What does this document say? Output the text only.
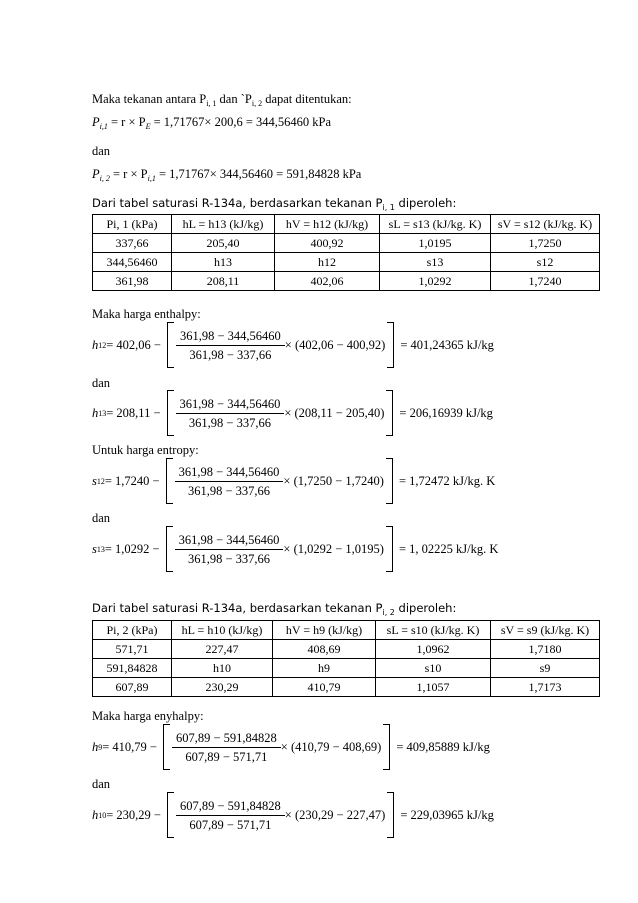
Maka tekanan antara $P_{i, 1}$ dan $`P_{i, 2}$ dapat ditentukan:
$P_{i,1} = r \times P_E = 1,71767\times 200,6 = 344,56460$ kPa
dan
$P_{i, 2} = r \times P_{i,1} = 1,71767\times 344,56460 = 591,84828$ kPa
Dari tabel saturasi R-134a, berdasarkan tekanan $P_{i, 1}$ diperoleh:
Pi, 1 (kPa)	hL = h13 (kJ/kg)	hV = h12 (kJ/kg)	sL = s13 (kJ/kg. K)	sV = s12 (kJ/kg. K)
337,66	205,40	400,92	1,0195	1,7250
344,56460	h13	h12	s13	s12
361,98	208,11	402,06	1,0292	1,7240
Maka harga enthalpy:
h $12 = 402,06 - \frac{361,98 - 344,56460}{361,98 - 337,66} \times (402,06 - 400,92) = 401,24365$ kJ/kg
dan
h $13 = 208,11 - \frac{361,98 - 344,56460}{361,98 - 337,66} \times (208,11 - 205,40) = 206,16939$ kJ/kg
Untuk harga entropy:
s $12 = 1,7240 - \frac{361,98 - 344,56460}{361,98 - 337,66} \times (1,7250 - 1,7240) = 1,72472$ kJ/kg. K
dan
s $13 = 1,0292 - \frac{361,98 - 344,56460}{361,98 - 337,66} \times (1,0292 - 1,0195) = 1$, 02225 kJ/kg. K
Dari tabel saturasi R-134a, berdasarkan tekanan $P_{i, 2}$ diperoleh:
Pi, 2 (kPa)	hL = h10 (kJ/kg)	hV = h9 (kJ/kg)	sL = s10 (kJ/kg. K)	sV = s9 (kJ/kg. K)
571,71	227,47	408,69	1,0962	1,7180
591,84828	h10	h9	s10	s9
607,89	230,29	410,79	1,1057	1,7173
Maka harga enyhalpy:
h $9 = 410,79 - \frac{607,89 - 591,84828}{607,89 - 571,71} \times (410,79 - 408,69) = 409,85889$ kJ/kg
dan
h $10 = 230,29 - \frac{607,89 - 591,84828}{607,89 - 571,71} \times (230,29 - 227,47) = 229,03965$ kJ/kg
